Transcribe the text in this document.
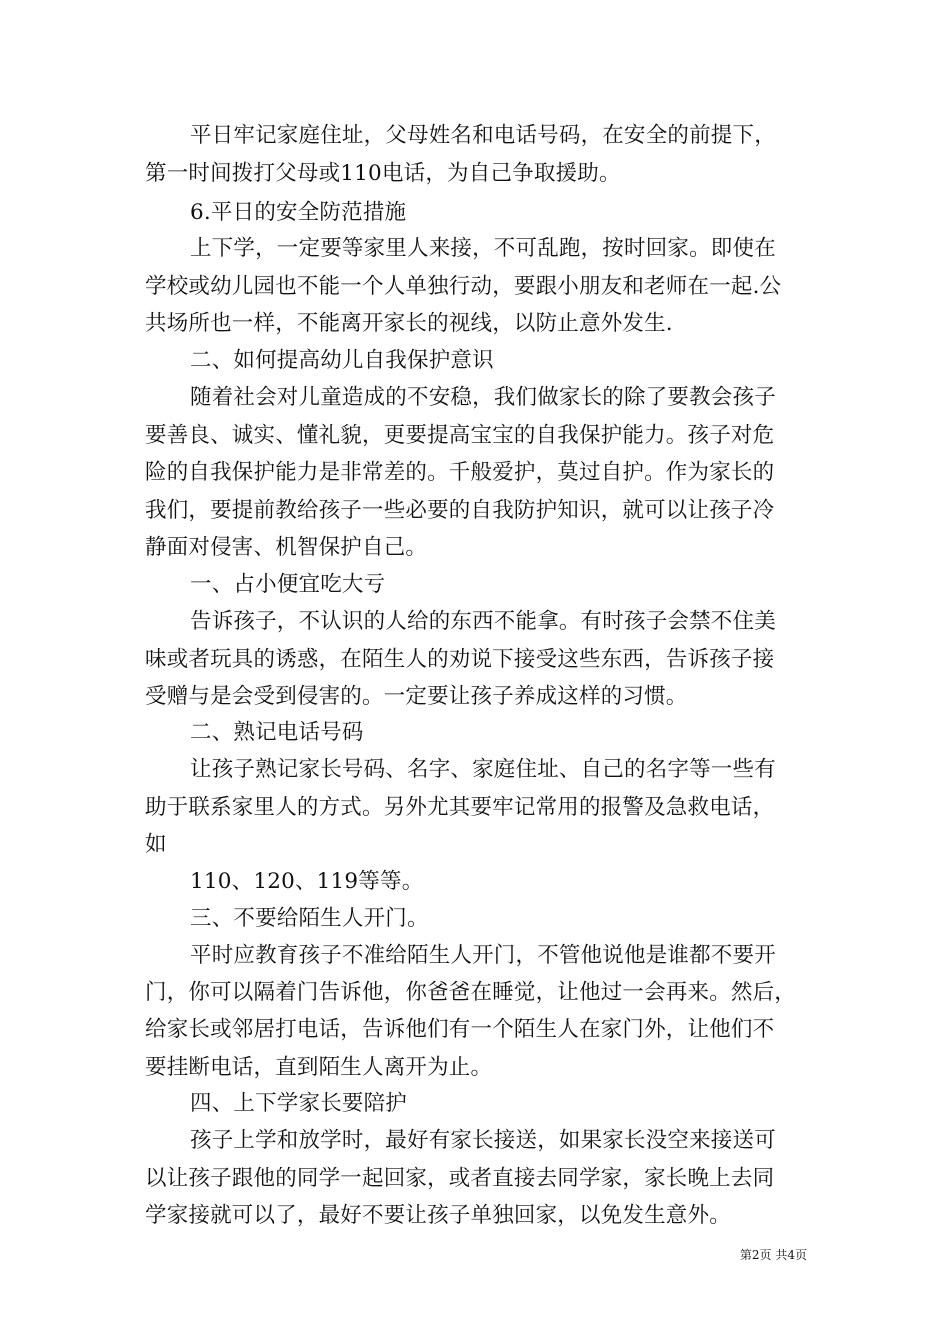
平日牢记家庭住址，父母姓名和电话号码，在安全的前提下，
第一时间拨打父母或110电话，为自己争取援助。
6.平日的安全防范措施
上下学，一定要等家里人来接，不可乱跑，按时回家。即使在
学校或幼儿园也不能一个人单独行动，要跟小朋友和老师在一起.公
共场所也一样，不能离开家长的视线，以防止意外发生.
二、如何提高幼儿自我保护意识
随着社会对儿童造成的不安稳，我们做家长的除了要教会孩子
要善良、诚实、懂礼貌，更要提高宝宝的自我保护能力。孩子对危
险的自我保护能力是非常差的。千般爱护，莫过自护。作为家长的
我们，要提前教给孩子一些必要的自我防护知识，就可以让孩子冷
静面对侵害、机智保护自己。
一、占小便宜吃大亏
告诉孩子，不认识的人给的东西不能拿。有时孩子会禁不住美
味或者玩具的诱惑，在陌生人的劝说下接受这些东西，告诉孩子接
受赠与是会受到侵害的。一定要让孩子养成这样的习惯。
二、熟记电话号码
让孩子熟记家长号码、名字、家庭住址、自己的名字等一些有
助于联系家里人的方式。另外尤其要牢记常用的报警及急救电话，
如
110、120、119等等。
三、不要给陌生人开门。
平时应教育孩子不准给陌生人开门，不管他说他是谁都不要开
门，你可以隔着门告诉他，你爸爸在睡觉，让他过一会再来。然后，
给家长或邻居打电话，告诉他们有一个陌生人在家门外，让他们不
要挂断电话，直到陌生人离开为止。
四、上下学家长要陪护
孩子上学和放学时，最好有家长接送，如果家长没空来接送可
以让孩子跟他的同学一起回家，或者直接去同学家，家长晚上去同
学家接就可以了，最好不要让孩子单独回家，以免发生意外。
第2页 共4页
